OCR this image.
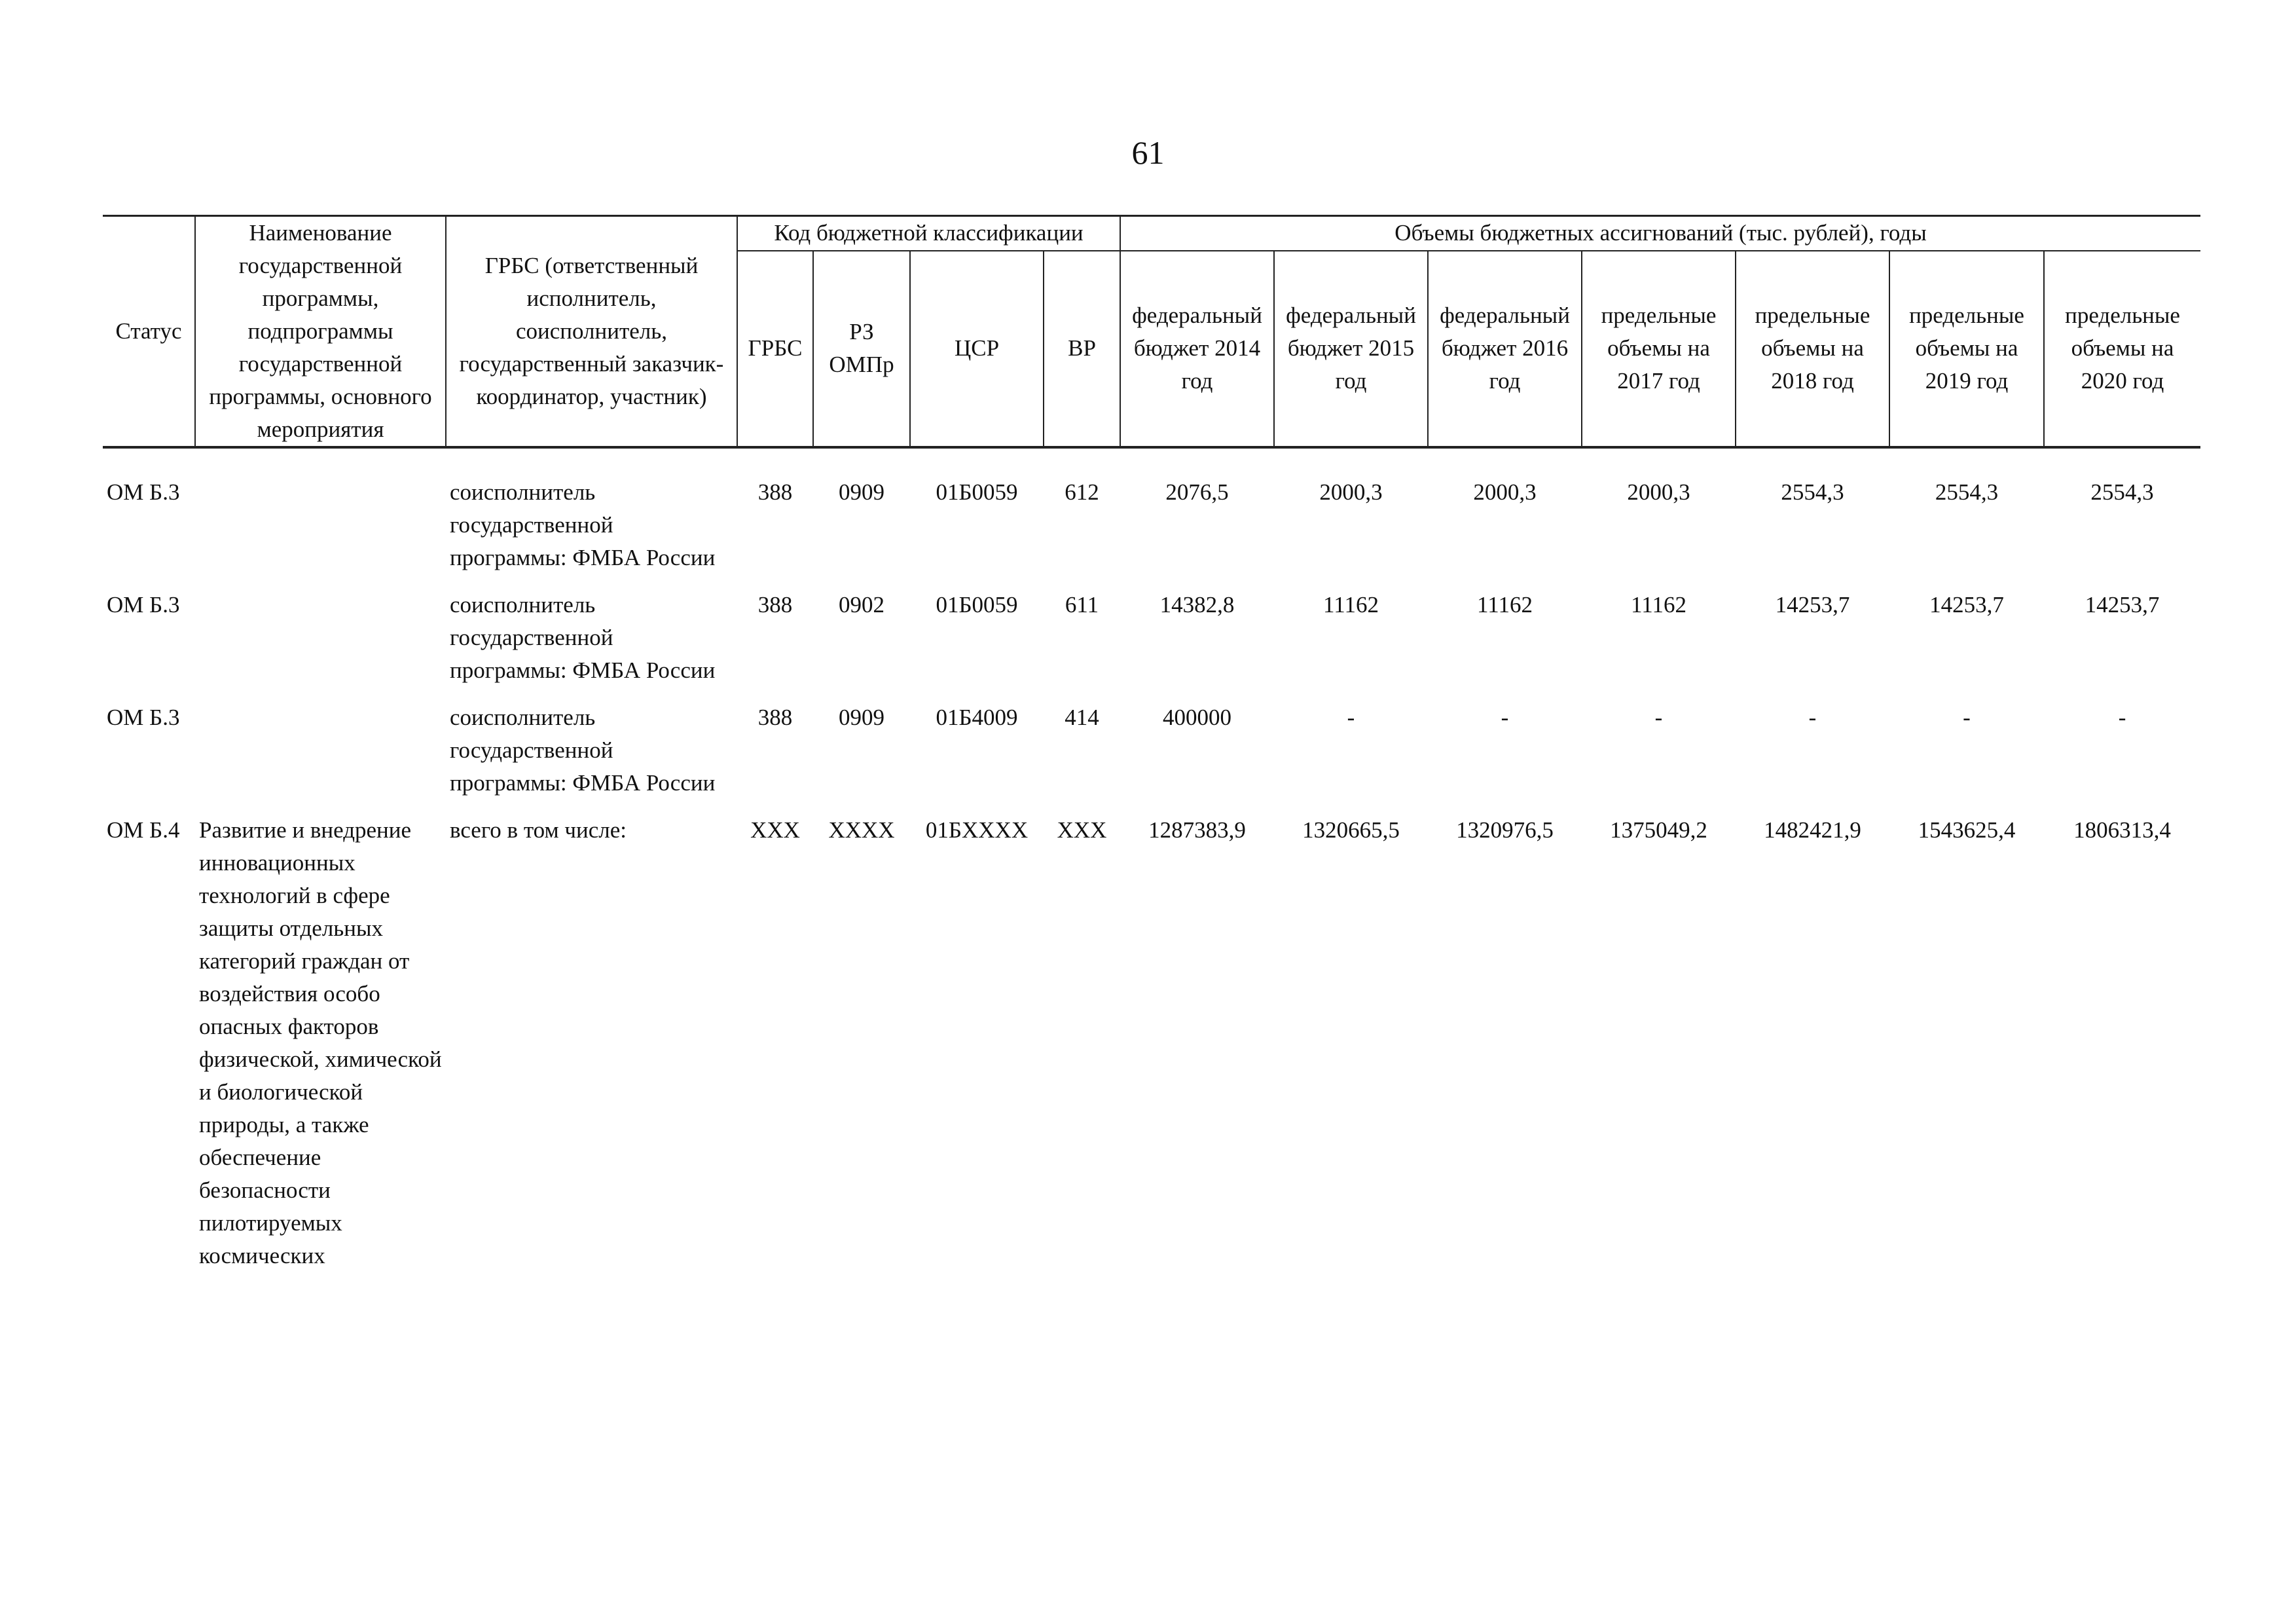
61
Статус	Наименование государственной программы, подпрограммы государственной программы, основного мероприятия	ГРБС (ответственный исполнитель, соисполнитель, государственный заказчик-координатор, участник)	Код бюджетной классификации				Объемы бюджетных ассигнований (тыс. рублей), годы						
			ГРБС	РЗ ОМПр	ЦСР	ВР	федеральный бюджет 2014 год	федеральный бюджет 2015 год	федеральный бюджет 2016 год	предельные объемы на 2017 год	предельные объемы на 2018 год	предельные объемы на 2019 год	предельные объемы на 2020 год

ОМ Б.3		соисполнитель государственной программы: ФМБА России	388	0909	01Б0059	612	2076,5	2000,3	2000,3	2000,3	2554,3	2554,3	2554,3
ОМ Б.3		соисполнитель государственной программы: ФМБА России	388	0902	01Б0059	611	14382,8	11162	11162	11162	14253,7	14253,7	14253,7
ОМ Б.3		соисполнитель государственной программы: ФМБА России	388	0909	01Б4009	414	400000	-	-	-	-	-	-
ОМ Б.4	Развитие и внедрение инновационных технологий в сфере защиты отдельных категорий граждан от воздействия особо опасных факторов физической, химической и биологической природы, а также обеспечение безопасности пилотируемых космических	всего в том числе:	XXX	XXXX	01БXXXX	XXX	1287383,9	1320665,5	1320976,5	1375049,2	1482421,9	1543625,4	1806313,4
